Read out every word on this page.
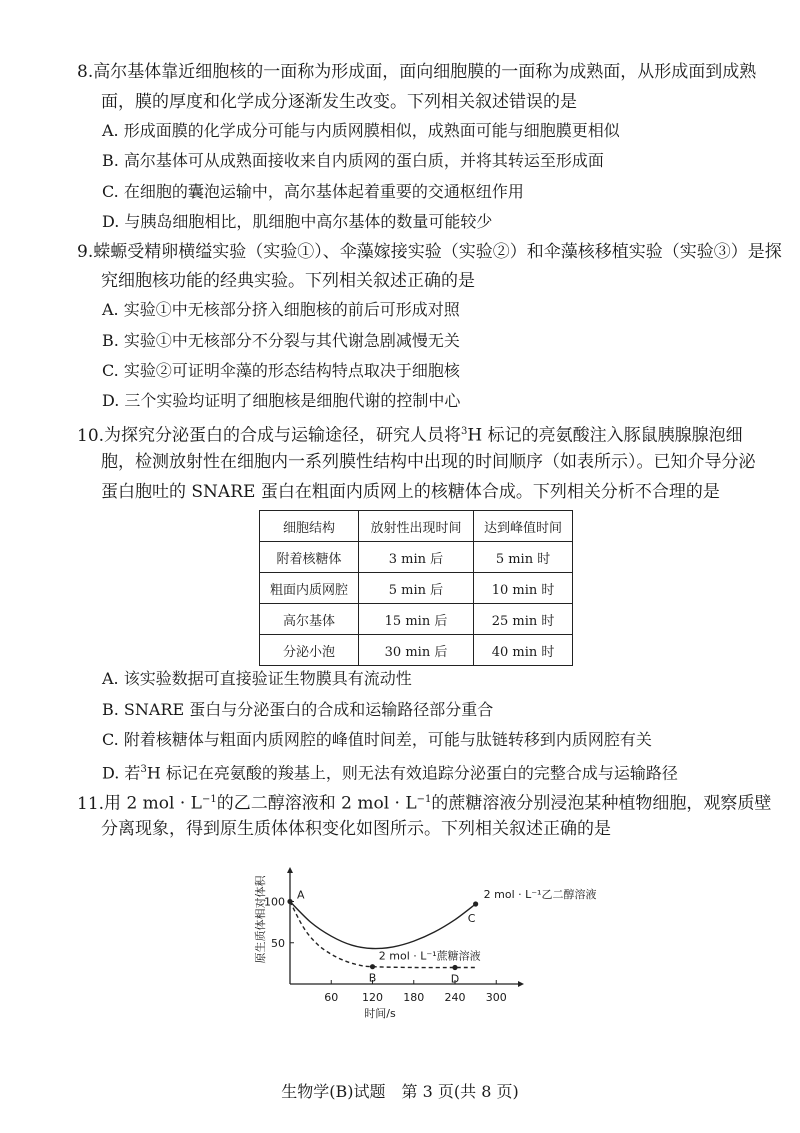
8.高尔基体靠近细胞核的一面称为形成面，面向细胞膜的一面称为成熟面，从形成面到成熟
面，膜的厚度和化学成分逐渐发生改变。下列相关叙述错误的是
A. 形成面膜的化学成分可能与内质网膜相似，成熟面可能与细胞膜更相似
B. 高尔基体可从成熟面接收来自内质网的蛋白质，并将其转运至形成面
C. 在细胞的囊泡运输中，高尔基体起着重要的交通枢纽作用
D. 与胰岛细胞相比，肌细胞中高尔基体的数量可能较少
9.蝾螈受精卵横缢实验（实验①）、伞藻嫁接实验（实验②）和伞藻核移植实验（实验③）是探
究细胞核功能的经典实验。下列相关叙述正确的是
A. 实验①中无核部分挤入细胞核的前后可形成对照
B. 实验①中无核部分不分裂与其代谢急剧减慢无关
C. 实验②可证明伞藻的形态结构特点取决于细胞核
D. 三个实验均证明了细胞核是细胞代谢的控制中心
10.为探究分泌蛋白的合成与运输途径，研究人员将$^3$H 标记的亮氨酸注入豚鼠胰腺腺泡细
胞，检测放射性在细胞内一系列膜性结构中出现的时间顺序（如表所示）。已知介导分泌
蛋白胞吐的 SNARE 蛋白在粗面内质网上的核糖体合成。下列相关分析不合理的是
细胞结构	放射性出现时间	达到峰值时间
附着核糖体	3 min 后	5 min 时
粗面内质网腔	5 min 后	10 min 时
高尔基体	15 min 后	25 min 时
分泌小泡	30 min 后	40 min 时
A. 该实验数据可直接验证生物膜具有流动性
B. SNARE 蛋白与分泌蛋白的合成和运输路径部分重合
C. 附着核糖体与粗面内质网腔的峰值时间差，可能与肽链转移到内质网腔有关
D. 若$^3$H 标记在亮氨酸的羧基上，则无法有效追踪分泌蛋白的完整合成与运输路径
11.用 2 mol · $L^{-1}$的乙二醇溶液和 2 mol · $L^{-1}$的蔗糖溶液分别浸泡某种植物细胞，观察质壁
分离现象，得到原生质体体积变化如图所示。下列相关叙述正确的是
60 120 180 240 300
50
100
时间/s
原生质体相对体积	2 mol · L⁻¹乙二醇溶液
2 mol · L⁻¹蔗糖溶液
A
B
C
D
生物学(B)试题　第 3 页(共 8 页)
